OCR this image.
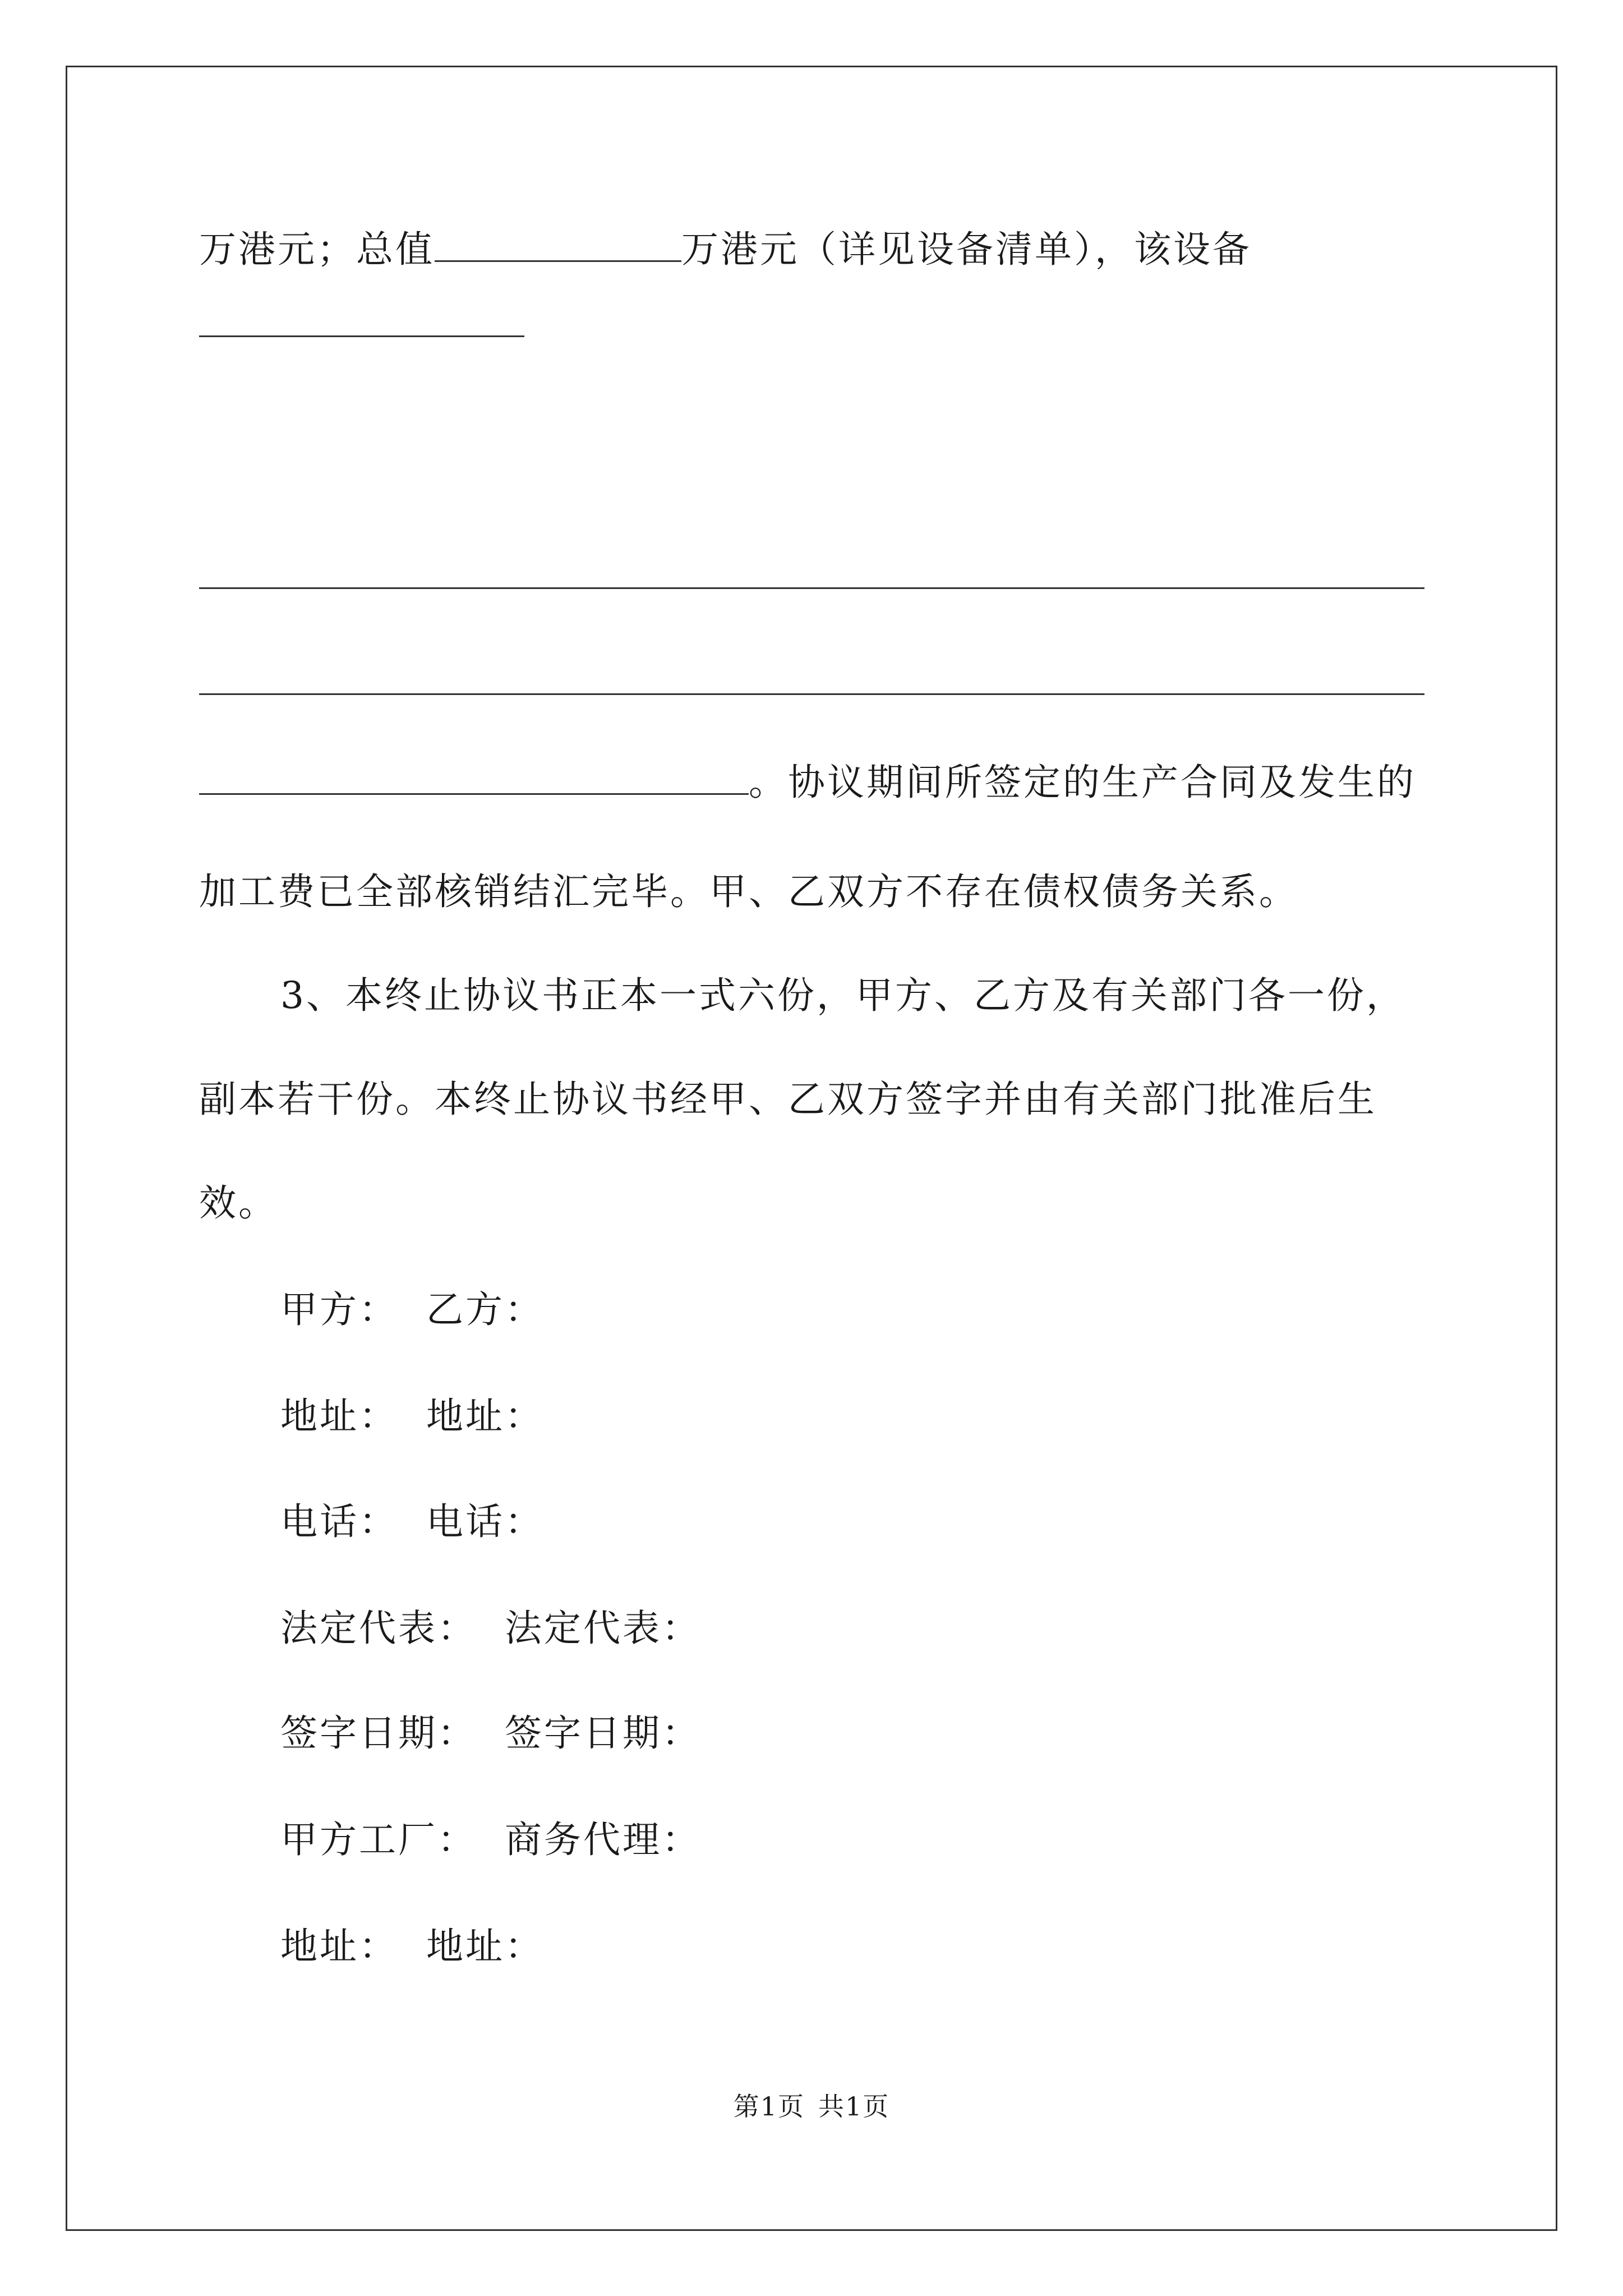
万港元；总值	万港元（详见设备清单），该设备
。协议期间所签定的生产合同及发生的
加工费已全部核销结汇完毕。甲、乙双方不存在债权债务关系。
3、本终止协议书正本一式六份，甲方、乙方及有关部门各一份，
副本若干份。本终止协议书经甲、乙双方签字并由有关部门批准后生
效。
甲方： 乙方：
地址： 地址：
电话： 电话：
法定代表： 法定代表：
签字日期： 签字日期：
甲方工厂： 商务代理：
地址： 地址：
第1页 共1页
